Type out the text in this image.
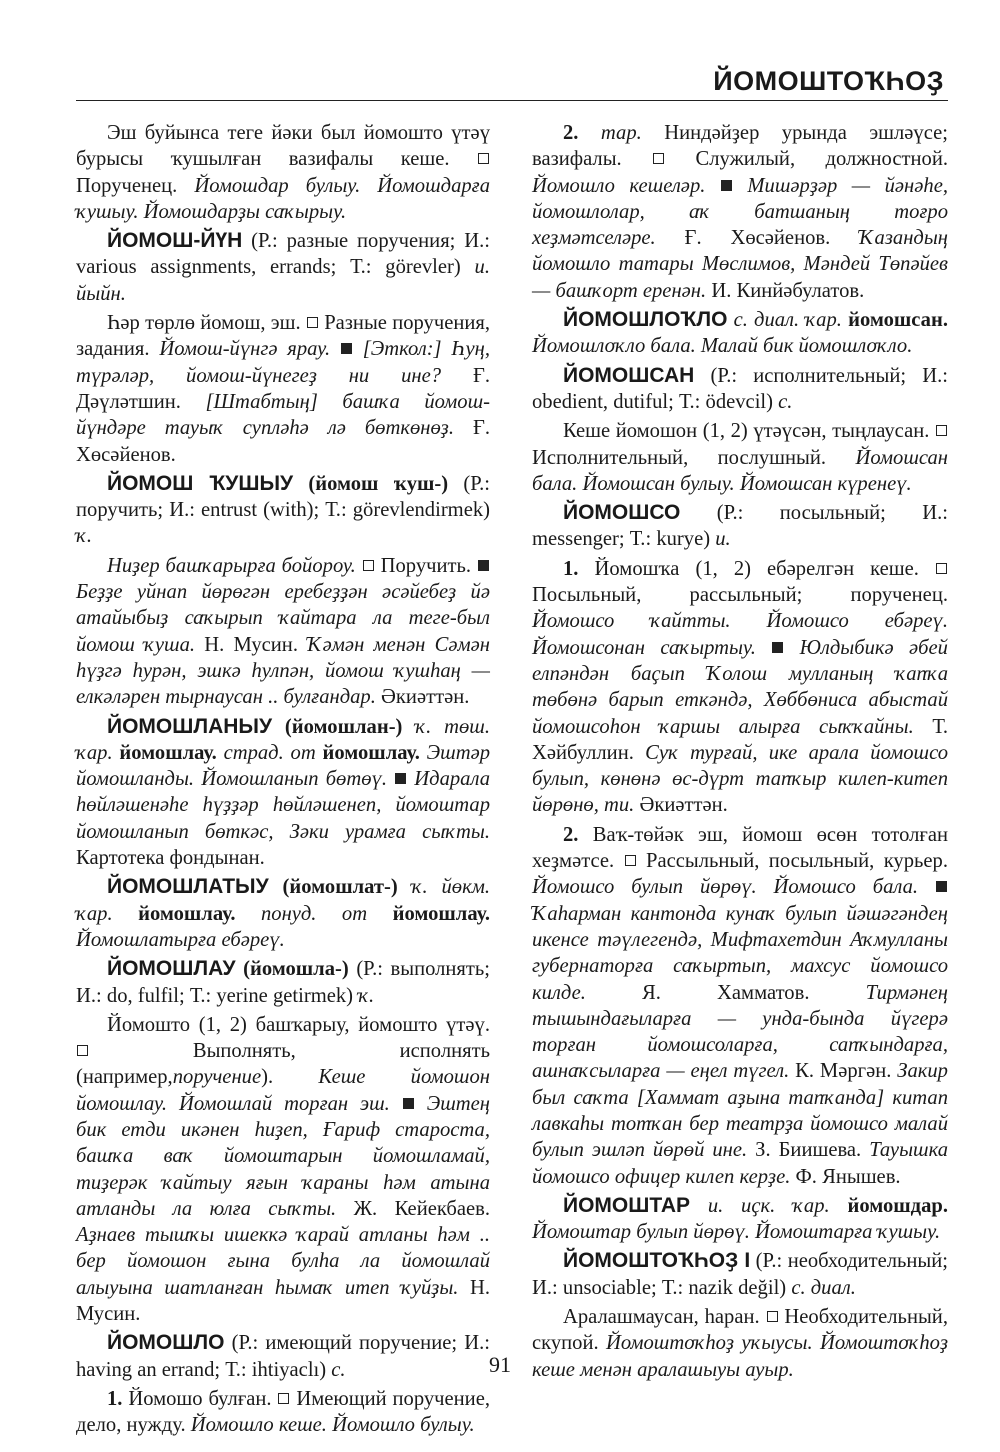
ЙОМОШТОҠҺОҘ

Эш буйынса теге йәки был йомошто үтәү бурысы ҡушылған вазифалы кеше.  Порученец. Йомошдар булыу. Йомошдарға ҡушыу. Йомошдарҙы саҡырыу.

ЙОМОШ-ЙҮН (Р.: разные поручения; И.: various assignments, errands; Т.: görevler) и. йыйн.

Һәр төрлө йомош, эш. Разные поручения, задания. Йомош-йүнгә ярау. [Эткол:] Һуң, түрәләр, йомош-йүнегеҙ ни ине? Ғ. Дәүләтшин. [Штабтың] башҡа йомош-йүндәре тауыҡ супләһә лә бөткөнөҙ. Ғ. Хөсәйенов.

ЙОМОШ ҠУШЫУ (йомош ҡуш-) (Р.: поручить; И.: entrust (with); Т.: görevlendirmek) ҡ.

Ниҙер башҡарырға бойороу. Поручить.  Беҙҙе уйнап йөрөгән еребеҙҙән әсәйебеҙ йә атайыбыҙ саҡырып ҡайтара ла теге-был йомош ҡуша. Н. Мусин. Ҡәмән менән Сәмән һүҙгә һурән, эшкә һулпән, йомош ҡушһаң — елкәләрен тырнаусан .. булғандар. Әкиәттән.

ЙОМОШЛАНЫУ (йомошлан-) ҡ. төш. ҡар. йомошлау. страд. от йомошлау. Эштәр йомошланды. Йомошланып бөтөү. Идарала һөйләшенәһе һүҙҙәр һөйләшенеп, йомоштар йомошланып бөткәс, Зәки урамға сыҡты. Картотека фондынан.

ЙОМОШЛАТЫУ (йомошлат-) ҡ. йөкм. ҡар. йомошлау. понуд. от йомошлау. Йомошлатырға ебәреү.

ЙОМОШЛАУ (йомошла-) (Р.: выполнять; И.: do, fulfil; Т.: yerine getirmek) ҡ.

Йомошто (1, 2) башҡарыу, йомошто үтәү.  Выполнять, исполнять (например,поручение). Кеше йомошон йомошлау. Йомошлай торған эш. Эштең бик етди икәнен һиҙеп, Ғариф староста, башҡа ваҡ йомоштарын йомошламай, тиҙерәк ҡайтыу яғын ҡараны һәм атына атланды ла юлға сыҡты. Ж. Кейекбаев. Аҙнаев тышҡы ишеккә ҡарай атланы һәм .. бер йомошон ғына булһа ла йомошлай алыуына шатланған һымаҡ итеп ҡуйҙы. Н. Мусин.

ЙОМОШЛО (Р.: имеющий поручение; И.: having an errand; Т.: ihtiyaclı) с.

1. Йомошо булған. Имеющий поручение, дело, нужду. Йомошло кеше. Йомошло булыу.

2. тар. Ниндәйҙер урында эшләүсе; вазифалы.	Служилый, должностной. Йомошло кешеләр. Мишәрҙәр — йәнәһе, йомошлолар, аҡ батшаның тоғро хеҙмәтселәре. Ғ. Хөсәйенов. Ҡазандың йомошло татары Мөслимов, Мәндей Төпәйев — башҡорт еренән. И. Кинйәбулатов.

ЙОМОШЛОҠЛО с. диал. ҡар. йомошсан. Йомошлоҡло бала. Малай бик йомошлоҡло.

ЙОМОШСАН (Р.: исполнительный; И.: obedient, dutiful; Т.: ödevcil) с.

Кеше йомошон (1, 2) үтәүсән, тыңлаусан.  Исполнительный, послушный. Йомошсан бала. Йомошсан булыу. Йомошсан күренеү.

ЙОМОШСО (Р.: посыльный; И.: messenger; Т.: kurye) и.

1. Йомошҡа (1, 2) ебәрелгән кеше.  Посыльный, рассыльный; порученец. Йомошсо ҡайтты. Йомошсо ебәреү. Йомошсонан саҡыртыу. Юлдыбикә әбей елпәндән баҫып Ҡолош мулланың ҡапҡа төбөнә барып еткәндә, Хөббөниса абыстай йомошсоһон ҡаршы алырға сыҡҡайны. Т. Хәйбуллин. Суҡ турғай, ике арала йомошсо булып, көнөнә өс-дүрт тапҡыр килеп-китеп йөрөнө, ти. Әкиәттән.

2. Ваҡ-төйәк эш, йомош өсөн тотолған хеҙмәтсе. Рассыльный, посыльный, курьер. Йомошсо булып йөрөү. Йомошсо бала.  Ҡаһарман кантонда кунаҡ булып йәшәгәндең икенсе тәүлегендә, Мифтахетдин Аҡмулланы губернаторға саҡыртып, махсус йомошсо килде.	Я. Хамматов.	Тирмәнең тышындағыларға — унда-бында йүгерә торған йомошсоларға, сапҡындарға, ашнаҡсыларға — еңел түгел. К. Мәргән. Закир был саҡта [Хаммат аҙына тапҡанда] китап лавкаһы тотҡан бер театрҙа йомошсо малай булып эшләп йөрөй ине. З. Биишева. Тауышка йомошсо офицер килеп керҙе. Ф. Янышев.

ЙОМОШТАР и. иҫк. ҡар. йомошдар. Йомоштар булып йөрөү. Йомоштарға ҡушыу.

ЙОМОШТОҠҺОҘ I (Р.: необходительный; И.: unsociable; Т.: nazik değil) с. диал.

Аралашмаусан, һаран. Необходительный, скупой. Йомоштоҡһоҙ уҡыусы. Йомоштоҡһоҙ кеше менән аралашыуы ауыр.

91
